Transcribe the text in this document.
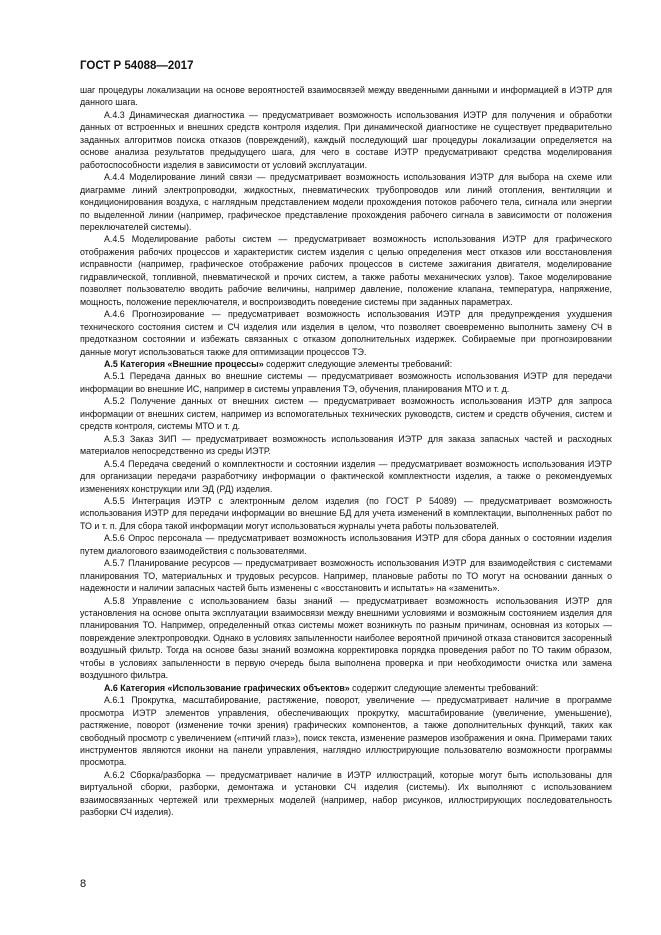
ГОСТ Р 54088—2017

шаг процедуры локализации на основе вероятностей взаимосвязей между введенными данными и информацией в ИЭТР для данного шага.

А.4.3 Динамическая диагностика — предусматривает возможность использования ИЭТР для получения и обработки данных от встроенных и внешних средств контроля изделия. При динамической диагностике не существует предварительно заданных алгоритмов поиска отказов (повреждений), каждый последующий шаг процедуры локализации определяется на основе анализа результатов предыдущего шага, для чего в составе ИЭТР предусматривают средства моделирования работоспособности изделия в зависимости от условий эксплуатации.

А.4.4 Моделирование линий связи — предусматривает возможность использования ИЭТР для выбора на схеме или диаграмме линий электропроводки, жидкостных, пневматических трубопроводов или линий отопления, вентиляции и кондиционирования воздуха, с наглядным представлением модели прохождения потоков рабочего тела, сигнала или энергии по выделенной линии (например, графическое представление прохождения рабочего сигнала в зависимости от положения переключателей системы).

А.4.5 Моделирование работы систем — предусматривает возможность использования ИЭТР для графического отображения рабочих процессов и характеристик систем изделия с целью определения мест отказов или восстановления исправности (например, графическое отображение рабочих процессов в системе зажигания двигателя, моделирование гидравлической, топливной, пневматической и прочих систем, а также работы механических узлов). Такое моделирование позволяет пользователю вводить рабочие величины, например давление, положение клапана, температура, напряжение, мощность, положение переключателя, и воспроизводить поведение системы при заданных параметрах.

А.4.6 Прогнозирование — предусматривает возможность использования ИЭТР для предупреждения ухудшения технического состояния систем и СЧ изделия или изделия в целом, что позволяет своевременно выполнить замену СЧ в предотказном состоянии и избежать связанных с отказом дополнительных издержек. Собираемые при прогнозировании данные могут использоваться также для оптимизации процессов ТЭ.

А.5 Категория «Внешние процессы» содержит следующие элементы требований:

А.5.1 Передача данных во внешние системы — предусматривает возможность использования ИЭТР для передачи информации во внешние ИС, например в системы управления ТЭ, обучения, планирования МТО и т. д.

А.5.2 Получение данных от внешних систем — предусматривает возможность использования ИЭТР для запроса информации от внешних систем, например из вспомогательных технических руководств, систем и средств обучения, систем и средств контроля, системы МТО и т. д.

А.5.3 Заказ ЗИП — предусматривает возможность использования ИЭТР для заказа запасных частей и расходных материалов непосредственно из среды ИЭТР.

А.5.4 Передача сведений о комплектности и состоянии изделия — предусматривает возможность использования ИЭТР для организации передачи разработчику информации о фактической комплектности изделия, а также о рекомендуемых изменениях конструкции или ЭД (РД) изделия.

А.5.5 Интеграция ИЭТР с электронным делом изделия (по ГОСТ Р 54089) — предусматривает возможность использования ИЭТР для передачи информации во внешние БД для учета изменений в комплектации, выполненных работ по ТО и т. п. Для сбора такой информации могут использоваться журналы учета работы пользователей.

А.5.6 Опрос персонала — предусматривает возможность использования ИЭТР для сбора данных о состоянии изделия путем диалогового взаимодействия с пользователями.

А.5.7 Планирование ресурсов — предусматривает возможность использования ИЭТР для взаимодействия с системами планирования ТО, материальных и трудовых ресурсов. Например, плановые работы по ТО могут на основании данных о надежности и наличии запасных частей быть изменены с «восстановить и испытать» на «заменить».

А.5.8 Управление с использованием базы знаний — предусматривает возможность использования ИЭТР для установления на основе опыта эксплуатации взаимосвязи между внешними условиями и возможным состоянием изделия для планирования ТО. Например, определенный отказ системы может возникнуть по разным причинам, основная из которых — повреждение электропроводки. Однако в условиях запыленности наиболее вероятной причиной отказа становится засоренный воздушный фильтр. Тогда на основе базы знаний возможна корректировка порядка проведения работ по ТО таким образом, чтобы в условиях запыленности в первую очередь была выполнена проверка и при необходимости очистка или замена воздушного фильтра.

А.6 Категория «Использование графических объектов» содержит следующие элементы требований:

А.6.1 Прокрутка, масштабирование, растяжение, поворот, увеличение — предусматривает наличие в программе просмотра ИЭТР элементов управления, обеспечивающих прокрутку, масштабирование (увеличение, уменьшение), растяжение, поворот (изменение точки зрения) графических компонентов, а также дополнительных функций, таких как свободный просмотр с увеличением («птичий глаз»), поиск текста, изменение размеров изображения и окна. Примерами таких инструментов являются иконки на панели управления, наглядно иллюстрирующие пользователю возможности программы просмотра.

А.6.2 Сборка/разборка — предусматривает наличие в ИЭТР иллюстраций, которые могут быть использованы для виртуальной сборки, разборки, демонтажа и установки СЧ изделия (системы). Их выполняют с использованием взаимосвязанных чертежей или трехмерных моделей (например, набор рисунков, иллюстрирующих последовательность разборки СЧ изделия).

8
